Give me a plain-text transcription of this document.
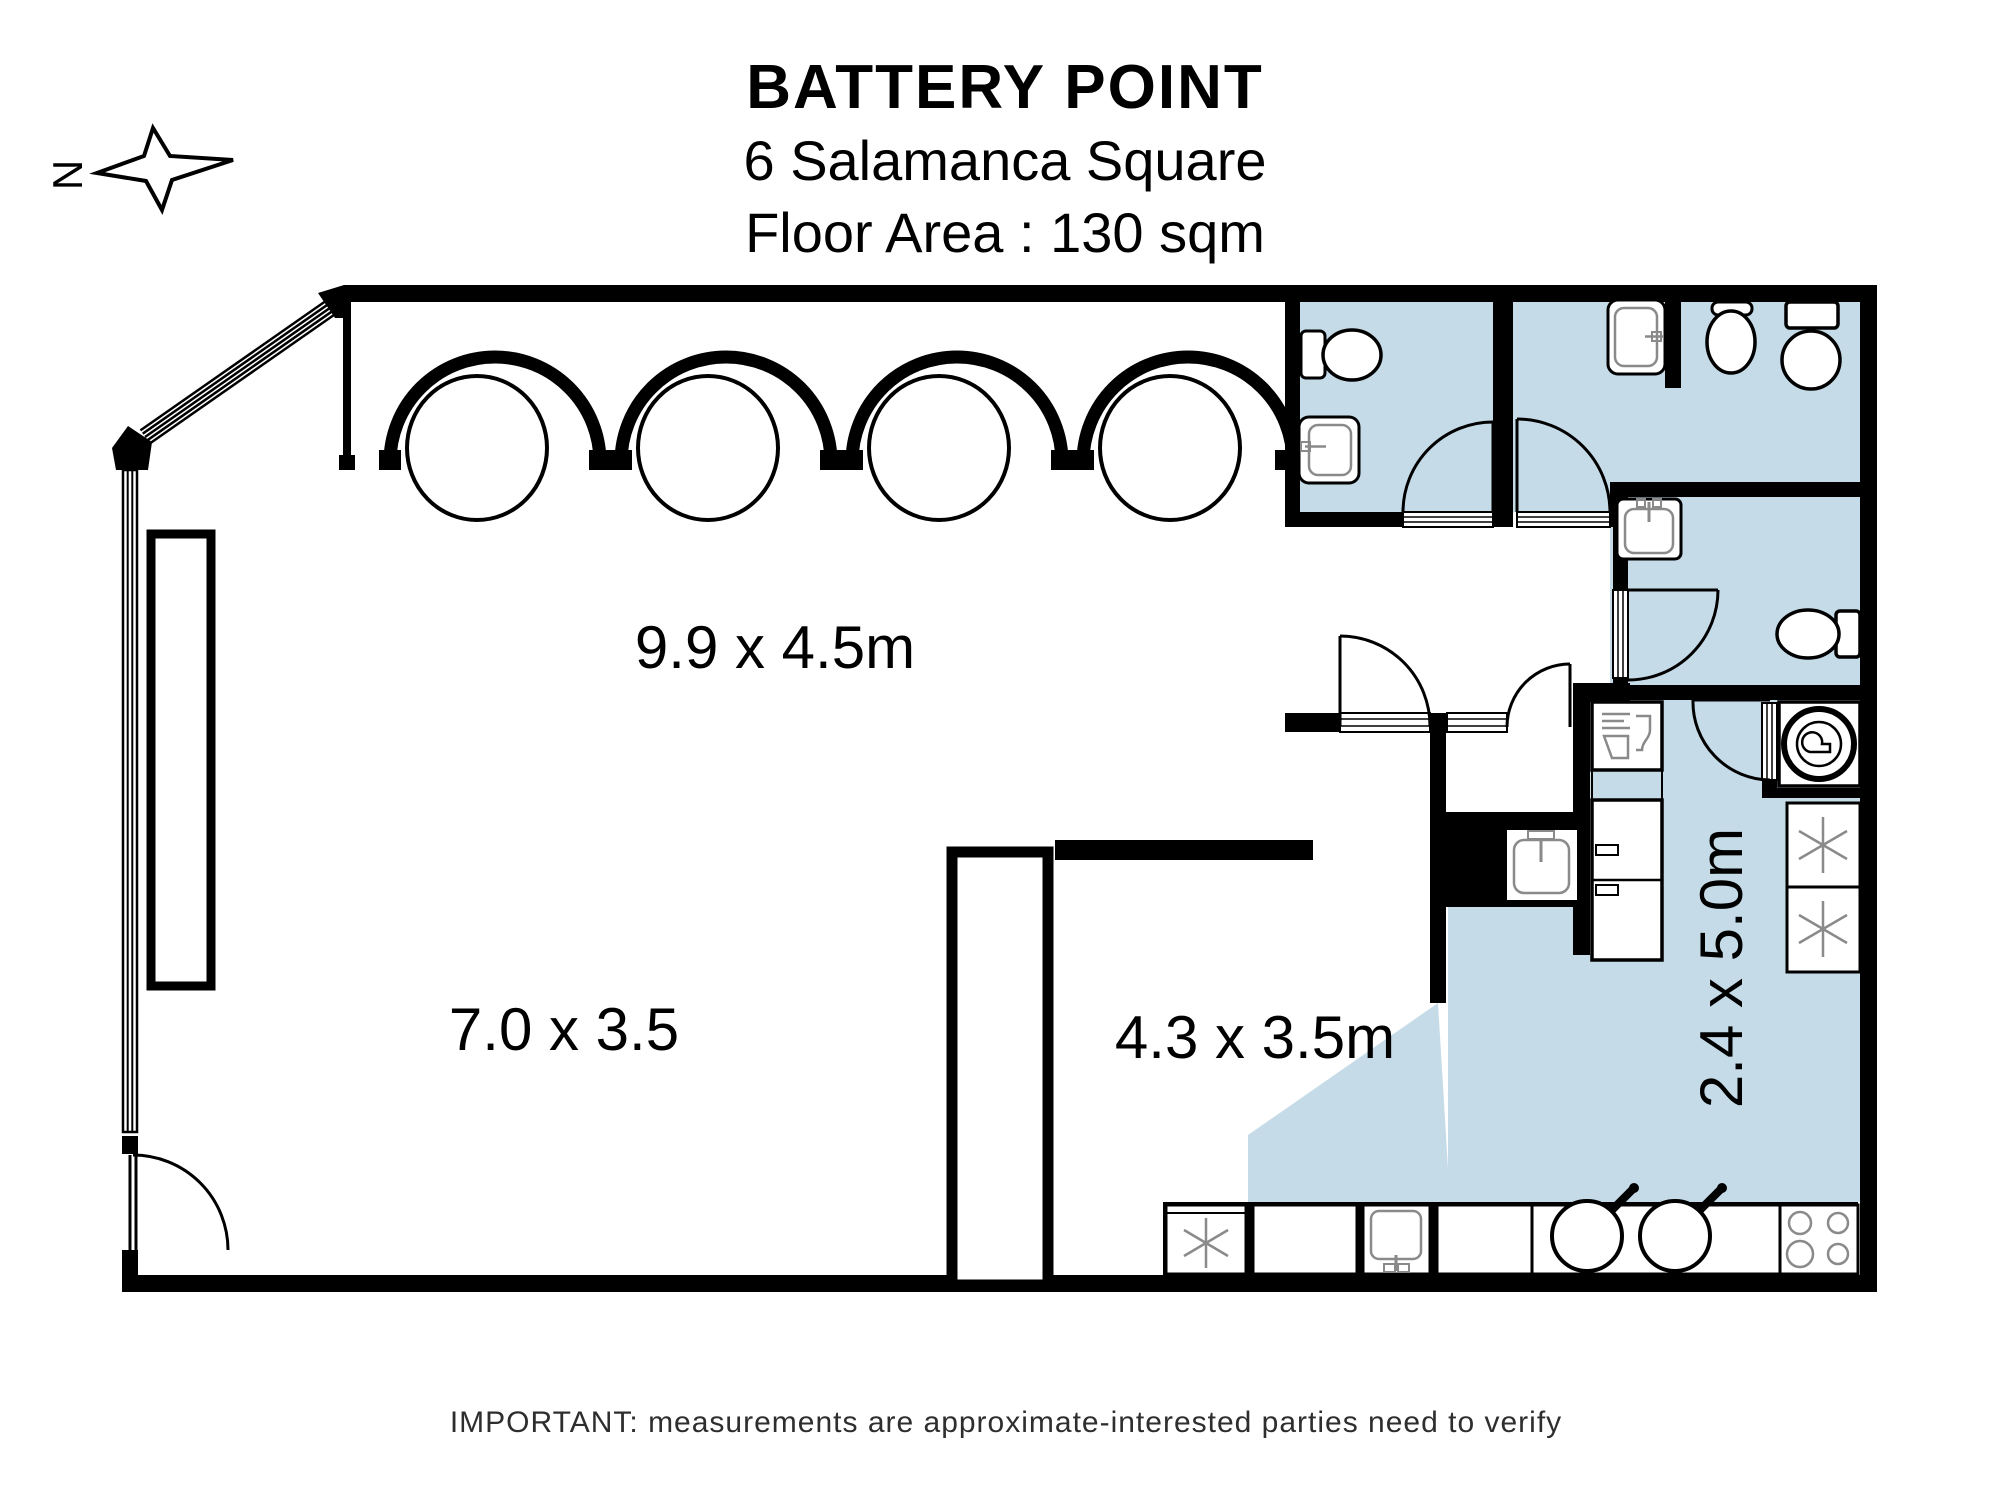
N
BATTERY POINT
6 Salamanca Square
Floor Area : 130 sqm
9.9 x 4.5m
7.0 x 3.5	4.3 x 3.5m	2.4 x 5.0m
IMPORTANT: measurements are approximate-interested parties need to verify
